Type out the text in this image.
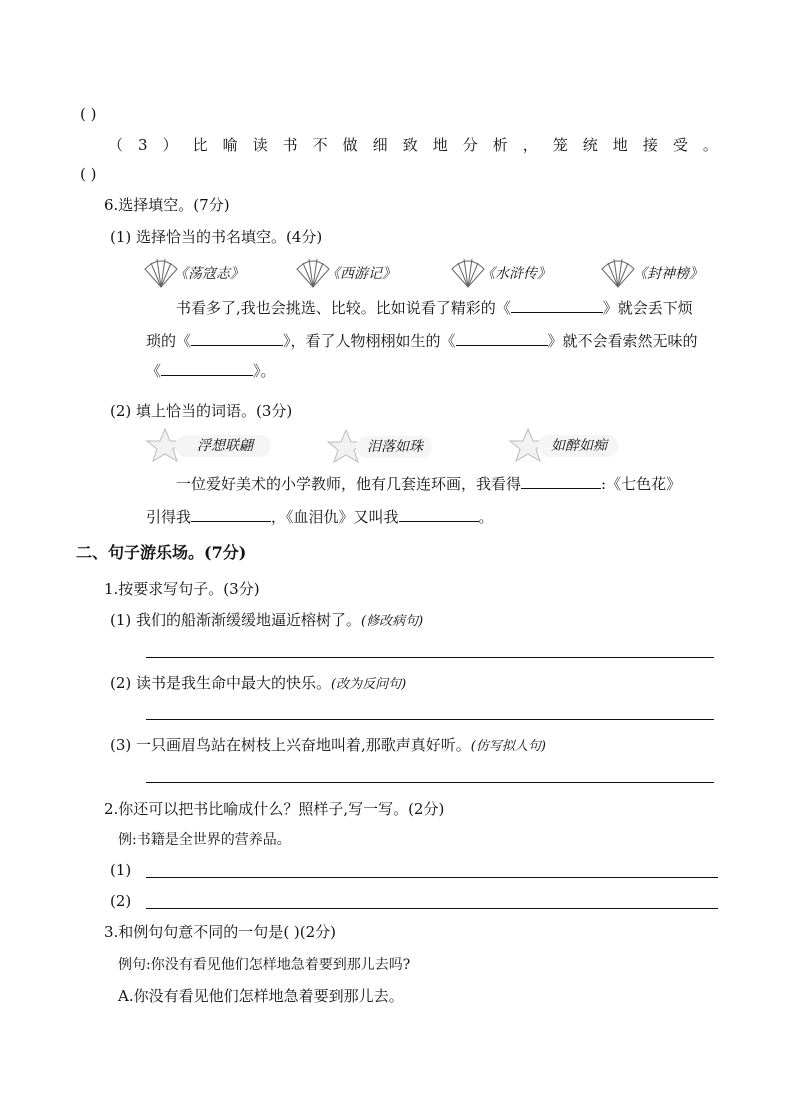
( )
（ 3 ） 比 喻 读 书 不 做 细 致 地 分 析 ， 笼 统 地 接 受 。
( )
6.选择填空。(7分)
(1) 选择恰当的书名填空。(4分)
《荡寇志》	《西游记》	《水浒传》	《封神榜》
书看多了,我也会挑选、比较。比如说看了精彩的《	》就会丢下烦
琐的《	》，看了人物栩栩如生的《	》就不会看索然无味的
《	》。
(2) 填上恰当的词语。(3分)
浮想联翩	泪落如珠	如醉如痴
一位爱好美术的小学教师，他有几套连环画，我看得	:《七色花》
引得我	，《血泪仇》又叫我	。
二、句子游乐场。(7分)
1.按要求写句子。(3分)
(1) 我们的船渐渐缓缓地逼近榕树了。(修改病句)
(2) 读书是我生命中最大的快乐。(改为反问句)
(3) 一只画眉鸟站在树枝上兴奋地叫着,那歌声真好听。(仿写拟人句)
2.你还可以把书比喻成什么？照样子,写一写。(2分)
例:书籍是全世界的营养品。
(1)
(2)
3.和例句句意不同的一句是( )(2分)
例句:你没有看见他们怎样地急着要到那儿去吗?
A.你没有看见他们怎样地急着要到那儿去。
